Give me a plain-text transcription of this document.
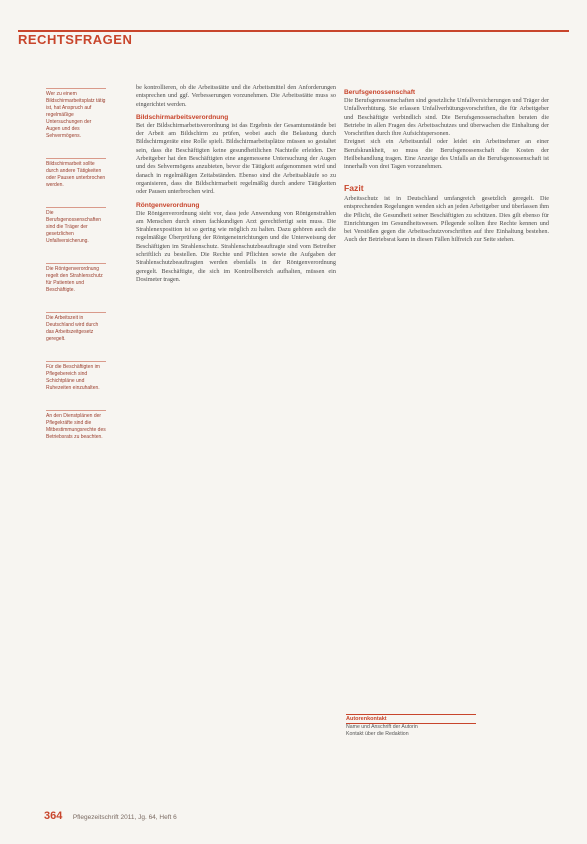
RECHTSFRAGEN
Wer zu einem Bildschirmarbeitsplatz tätig ist, hat Anspruch auf regelmäßige Untersuchungen der Augen und des Sehvermögens.
Bildschirmarbeit sollte durch andere Tätigkeiten oder Pausen unterbrochen werden.
Die Berufsgenossenschaften sind die Träger der gesetzlichen Unfallversicherung.
Die Röntgenverordnung regelt den Strahlenschutz für Patienten und Beschäftigte.
Die Arbeitszeit in Deutschland wird durch das Arbeitszeitgesetz geregelt.
Für die Beschäftigten im Pflegebereich sind Schichtpläne und Ruhezeiten einzuhalten.
An den Dienstplänen der Pflegekräfte sind die Mitbestimmungsrechte des Betriebsrats zu beachten.

be kontrollieren, ob die Arbeitsstätte und die Arbeitsmittel den Anforderungen entsprechen und ggf. Verbesserungen vorzunehmen. Die Arbeitsstätte muss so eingerichtet werden.

Bildschirmarbeitsverordnung

Bei der Bildschirmarbeitsverordnung ist das Ergebnis der Gesamtumstände bei der Arbeit am Bildschirm zu prüfen, wobei auch die Belastung durch Bildschirmgeräte eine Rolle spielt. Bildschirmarbeitsplätze müssen so gestaltet sein, dass die Beschäftigten keine gesundheitlichen Nachteile erleiden. Der Arbeitgeber hat den Beschäftigten eine angemessene Untersuchung der Augen und des Sehvermögens anzubieten, bevor die Tätigkeit aufgenommen wird und danach in regelmäßigen Zeitabständen. Ebenso sind die Arbeitsabläufe so zu organisieren, dass die Bildschirmarbeit regelmäßig durch andere Tätigkeiten oder Pausen unterbrochen wird.

Röntgenverordnung

Die Röntgenverordnung sieht vor, dass jede Anwendung von Röntgenstrahlen am Menschen durch einen fachkundigen Arzt gerechtfertigt sein muss. Die Strahlenexposition ist so gering wie möglich zu halten. Dazu gehören auch die regelmäßige Überprüfung der Röntgeneinrichtungen und die Unterweisung der Beschäftigten im Strahlenschutz. Strahlenschutzbeauftragte sind vom Betreiber schriftlich zu bestellen. Die Rechte und Pflichten sowie die Aufgaben der Strahlenschutzbeauftragten werden ebenfalls in der Röntgenverordnung geregelt. Beschäftigte, die sich im Kontrollbereich aufhalten, müssen ein Dosimeter tragen.

Berufsgenossenschaft

Die Berufsgenossenschaften sind gesetzliche Unfallversicherungen und Träger der Unfallverhütung. Sie erlassen Unfallverhütungsvorschriften, die für Arbeitgeber und Beschäftigte verbindlich sind. Die Berufsgenossenschaften beraten die Betriebe in allen Fragen des Arbeitsschutzes und überwachen die Einhaltung der Vorschriften durch ihre Aufsichtspersonen.

Ereignet sich ein Arbeitsunfall oder leidet ein Arbeitnehmer an einer Berufskrankheit, so muss die Berufsgenossenschaft die Kosten der Heilbehandlung tragen. Eine Anzeige des Unfalls an die Berufsgenossenschaft ist innerhalb von drei Tagen vorzunehmen.

Fazit

Arbeitsschutz ist in Deutschland umfangreich gesetzlich geregelt. Die entsprechenden Regelungen wenden sich an jeden Arbeitgeber und überlassen ihm die Pflicht, die Gesundheit seiner Beschäftigten zu schützen. Dies gilt ebenso für Einrichtungen im Gesundheitswesen. Pflegende sollten ihre Rechte kennen und bei Verstößen gegen die Arbeitsschutzvorschriften auf ihre Einhaltung bestehen. Auch der Betriebsrat kann in diesen Fällen hilfreich zur Seite stehen.

Autorenkontakt
Name und Anschrift der Autorin
Kontakt über die Redaktion
364 Pflegezeitschrift 2011, Jg. 64, Heft 6
